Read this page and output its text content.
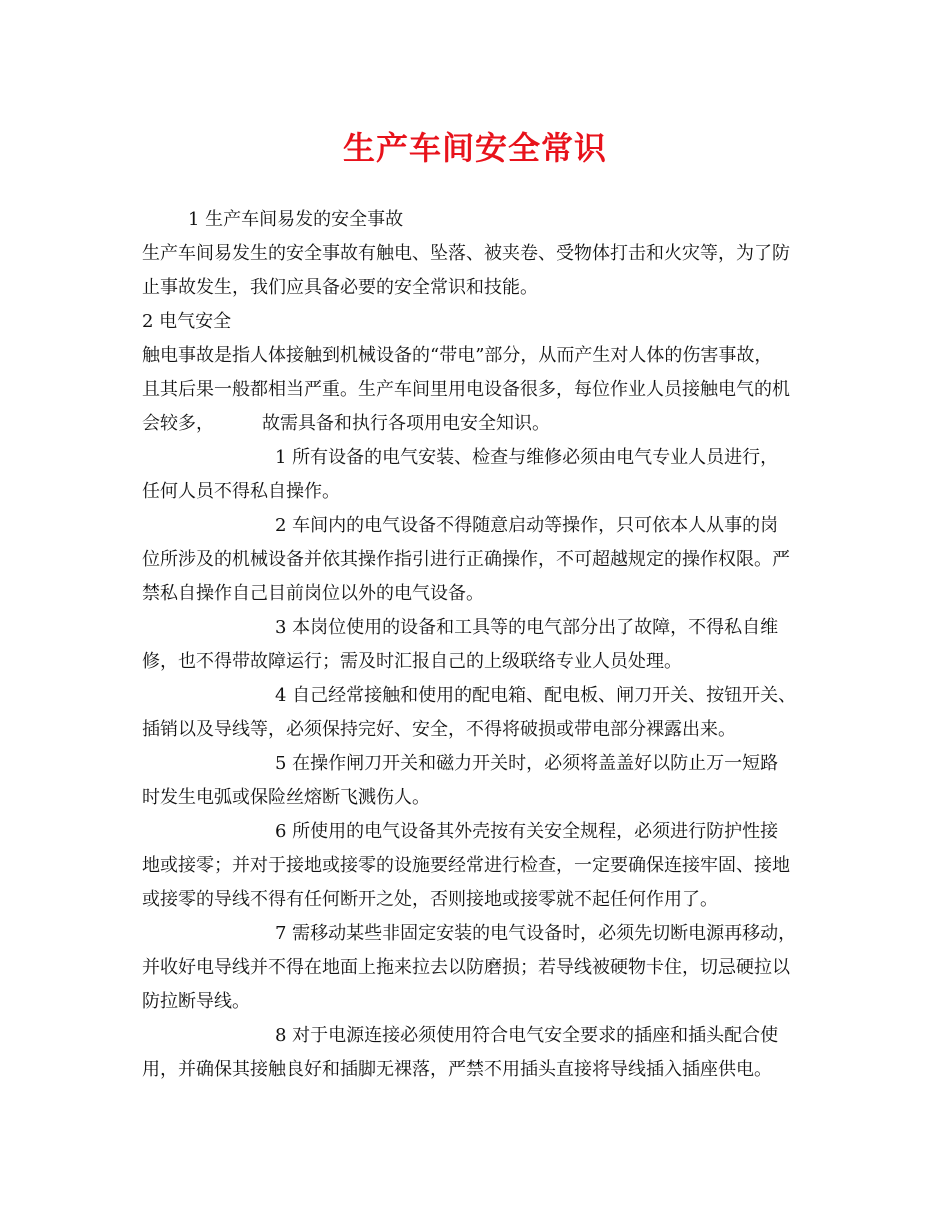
生产车间安全常识
1 生产车间易发的安全事故
生产车间易发生的安全事故有触电、坠落、被夹卷、受物体打击和火灾等，为了防
止事故发生，我们应具备必要的安全常识和技能。
2 电气安全
触电事故是指人体接触到机械设备的“带电”部分，从而产生对人体的伤害事故，
且其后果一般都相当严重。生产车间里用电设备很多，每位作业人员接触电气的机
会较多，	故需具备和执行各项用电安全知识。
1 所有设备的电气安装、检查与维修必须由电气专业人员进行，
任何人员不得私自操作。
2 车间内的电气设备不得随意启动等操作，只可依本人从事的岗
位所涉及的机械设备并依其操作指引进行正确操作，不可超越规定的操作权限。严
禁私自操作自己目前岗位以外的电气设备。
3 本岗位使用的设备和工具等的电气部分出了故障，不得私自维
修，也不得带故障运行；需及时汇报自己的上级联络专业人员处理。
4 自己经常接触和使用的配电箱、配电板、闸刀开关、按钮开关、
插销以及导线等，必须保持完好、安全，不得将破损或带电部分裸露出来。
5 在操作闸刀开关和磁力开关时，必须将盖盖好以防止万一短路
时发生电弧或保险丝熔断飞溅伤人。
6 所使用的电气设备其外壳按有关安全规程，必须进行防护性接
地或接零；并对于接地或接零的设施要经常进行检查，一定要确保连接牢固、接地
或接零的导线不得有任何断开之处，否则接地或接零就不起任何作用了。
7 需移动某些非固定安装的电气设备时，必须先切断电源再移动，
并收好电导线并不得在地面上拖来拉去以防磨损；若导线被硬物卡住，切忌硬拉以
防拉断导线。
8 对于电源连接必须使用符合电气安全要求的插座和插头配合使
用，并确保其接触良好和插脚无裸落，严禁不用插头直接将导线插入插座供电。
